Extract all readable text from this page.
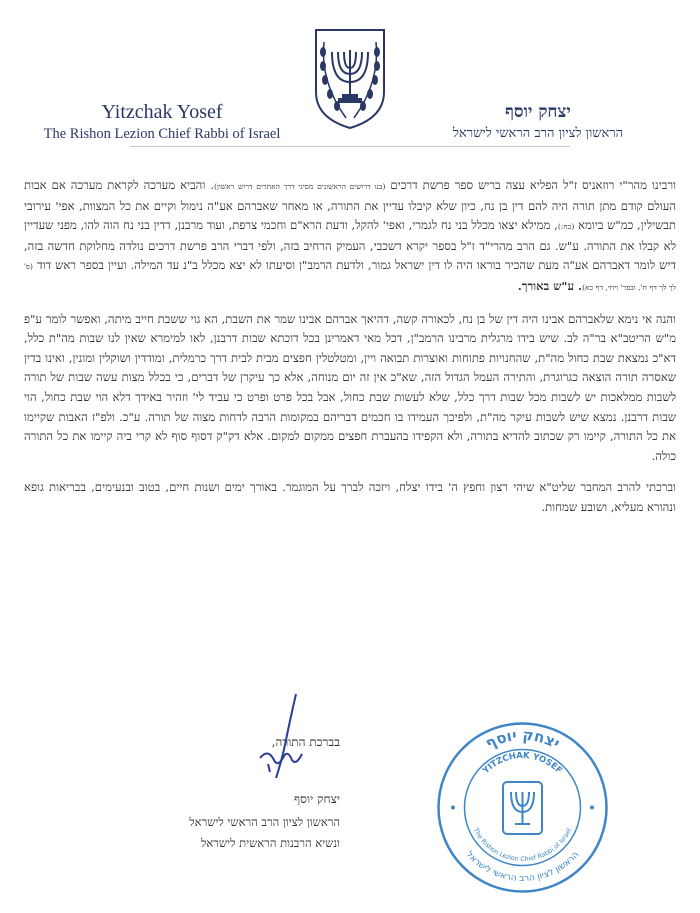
Yitzchak Yosef
The Rishon Lezion Chief Rabbi of Israel
יצחק יוסף
הראשון לציון הרב הראשי לישראל

ורבינו מהר"י רוזאניס ז"ל הפליא עצה בריש ספר פרשת דרכים (בנו דרושים הראשונים מסיני דרך האתרים דרוש ראשון). והביא מערכה לקראת מערכה אם אבות העולם קודם מתן תורה היה להם דין בן נח, כיון שלא קיבלו עדיין את התורה, או מאחר שאברהם אע"ה נימול וקיים את כל המצוות, אפי' עירובי תבשילין, כמ"ש ביומא (כח:), ממילא יצאו מכלל בני נח לגמרי, ואפי' להקל, ודעת הרא"ם וחכמי צרפת, ועוד מרבנן, דדין בני נח הוה להו, מפני שעדיין לא קבלו את התורה. ע"ש. גם הרב מהרי"ד ז"ל בספר יקרא דשכבי, העמיק הרחיב בזה, ולפי דברי הרב פרשת דרכים נולדה מחלוקת חדשה בזה, דיש לומר דאברהם אע"ה מעת שהכיר בוראו היה לו דין ישראל גמור, ולדעת הרמב"ן וסיעתו לא יצא מכלל ב"נ עד המילה. ועיין בספר ראש דוד (פ' לך לך דף ח', ובפר' ויחי, דף כא). ע"ש באורך.

והנה אי נימא שלאברהם אבינו היה דין של בן נח, לכאורה קשה, דהיאך אברהם אבינו שמר את השבת, הא גוי ששבת חייב מיתה, ואפשר לומר ע"פ מ"ש הריטב"א בר"ה לב. שיש בידו מרגלית מרבינו הרמב"ן, דכל מאי דאמרינן בכל דוכתא שבות דרבנן, לאו למימרא שאין לנו שבות מה"ת כלל, דא"כ נמצאת שבת כחול מה"ת, שהחנויות פתוחות ואוצרות תבואה ויין, ומטלטלין חפצים מבית לבית דרך כרמלית, ומודדין ושוקלין ומונין, ואינו בדין שאסרה תורה הוצאה כגרוגרת, והתירה העמל הגדול הזה, שא"כ אין זה יום מנוחה, אלא כך עיקרן של דברים, כי בכלל מצות עשה שבות של תורה לשבות ממלאכות יש לשבות מכל שבות דרך כלל, שלא לעשות שבת כחול, אבל בכל פרט ופרט כי עביד לי' וזהיר באידך דלא הוי שבת כחול, הוי שבות דרבנן. נמצא שיש לשבות עיקר מה"ת, ולפיכך העמידו בו חכמים דבריהם במקומות הרבה לדחות מצוה של תורה. ע"כ. ולפ"ז האבות שקיימו את כל התורה, קיימו רק שכתוב להדיא בתורה, ולא הקפידו בהעברת חפצים ממקום למקום. אלא דק"ק דסוף סוף לא קרי ביה קיימו את כל התורה כולה.

וברכתי להרב המחבר שליט"א שיהי רצון וחפץ ה' בידו יצלח, ויזכה לברך על המוגמר. באורך ימים ושנות חיים, בטוב ובנעימים, בבריאות גופא ונהורא מעליא, ושובע שמחות.

בברכת התורה,
יצחק יוסף
הראשון לציון הרב הראשי לישראל
ונשיא הרבנות הראשית לישראל
יצחק יוסף
YITZCHAK YOSEF
The Rishon Lezion Chief Rabbi of Israel
הראשון לציון הרב הראשי לישראל
